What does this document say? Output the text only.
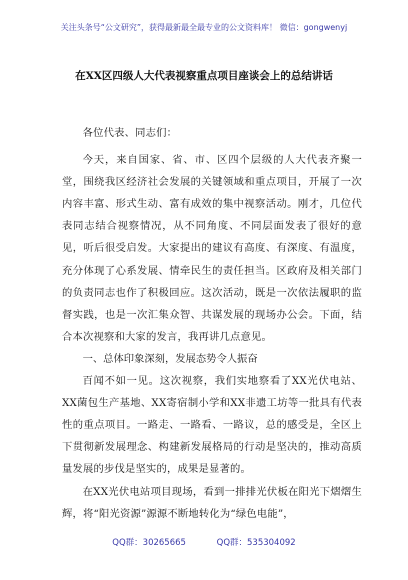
关注头条号“公文研究”，获得最新最全最专业的公文资料库！ 微信：gongwenyj
在XX区四级人大代表视察重点项目座谈会上的总结讲话

各位代表、同志们：

今天，来自国家、省、市、区四个层级的人大代表齐聚一堂，围绕我区经济社会发展的关键领域和重点项目，开展了一次内容丰富、形式生动、富有成效的集中视察活动。刚才，几位代表同志结合视察情况，从不同角度、不同层面发表了很好的意见，听后很受启发。大家提出的建议有高度、有深度、有温度，充分体现了心系发展、情牵民生的责任担当。区政府及相关部门的负责同志也作了积极回应。这次活动，既是一次依法履职的监督实践，也是一次汇集众智、共谋发展的现场办公会。下面，结合本次视察和大家的发言，我再讲几点意见。

一、总体印象深刻，发展态势令人振奋

百闻不如一见。这次视察，我们实地察看了XX光伏电站、XX菌包生产基地、XX寄宿制小学和XX非遗工坊等一批具有代表性的重点项目。一路走、一路看、一路议，总的感受是，全区上下贯彻新发展理念、构建新发展格局的行动是坚决的，推动高质量发展的步伐是坚实的，成果是显著的。

在XX光伏电站项目现场，看到一排排光伏板在阳光下熠熠生辉，将“阳光资源”源源不断地转化为“绿色电能”，

QQ群：30265665	QQ群：535304092
